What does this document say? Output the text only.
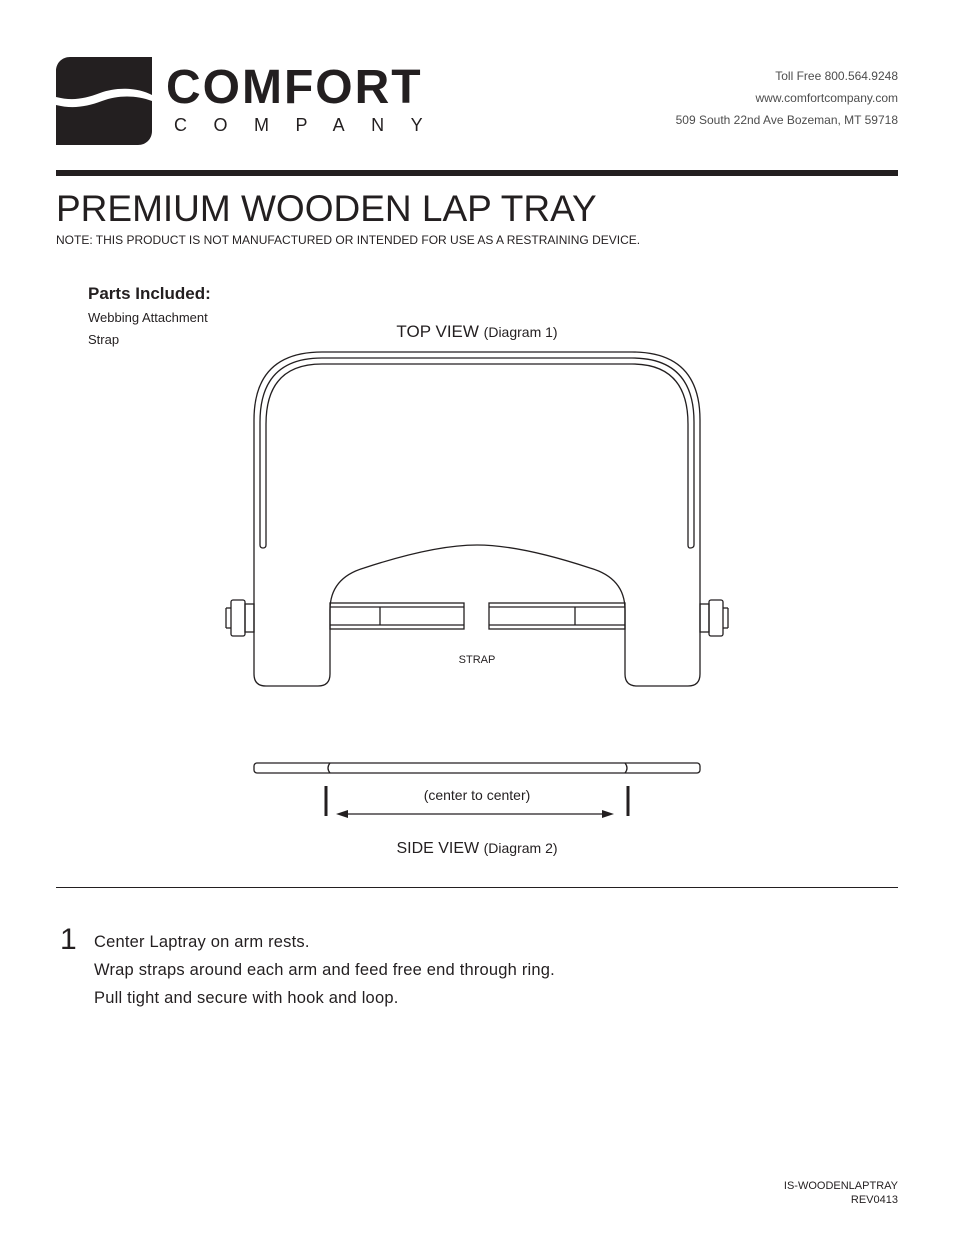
COMFORT
COMPANY
Toll Free 800.564.9248
www.comfortcompany.com
509 South 22nd Ave Bozeman, MT 59718
PREMIUM WOODEN LAP TRAY
NOTE: THIS PRODUCT IS NOT MANUFACTURED OR INTENDED FOR USE AS A RESTRAINING DEVICE.
Parts Included:
Webbing Attachment
Strap	TOP VIEW (Diagram 1)
STRAP
(center to center)
SIDE VIEW (Diagram 2)
1 Center Laptray on arm rests.
Wrap straps around each arm and feed free end through ring.
Pull tight and secure with hook and loop.
IS-WOODENLAPTRAY
REV0413
